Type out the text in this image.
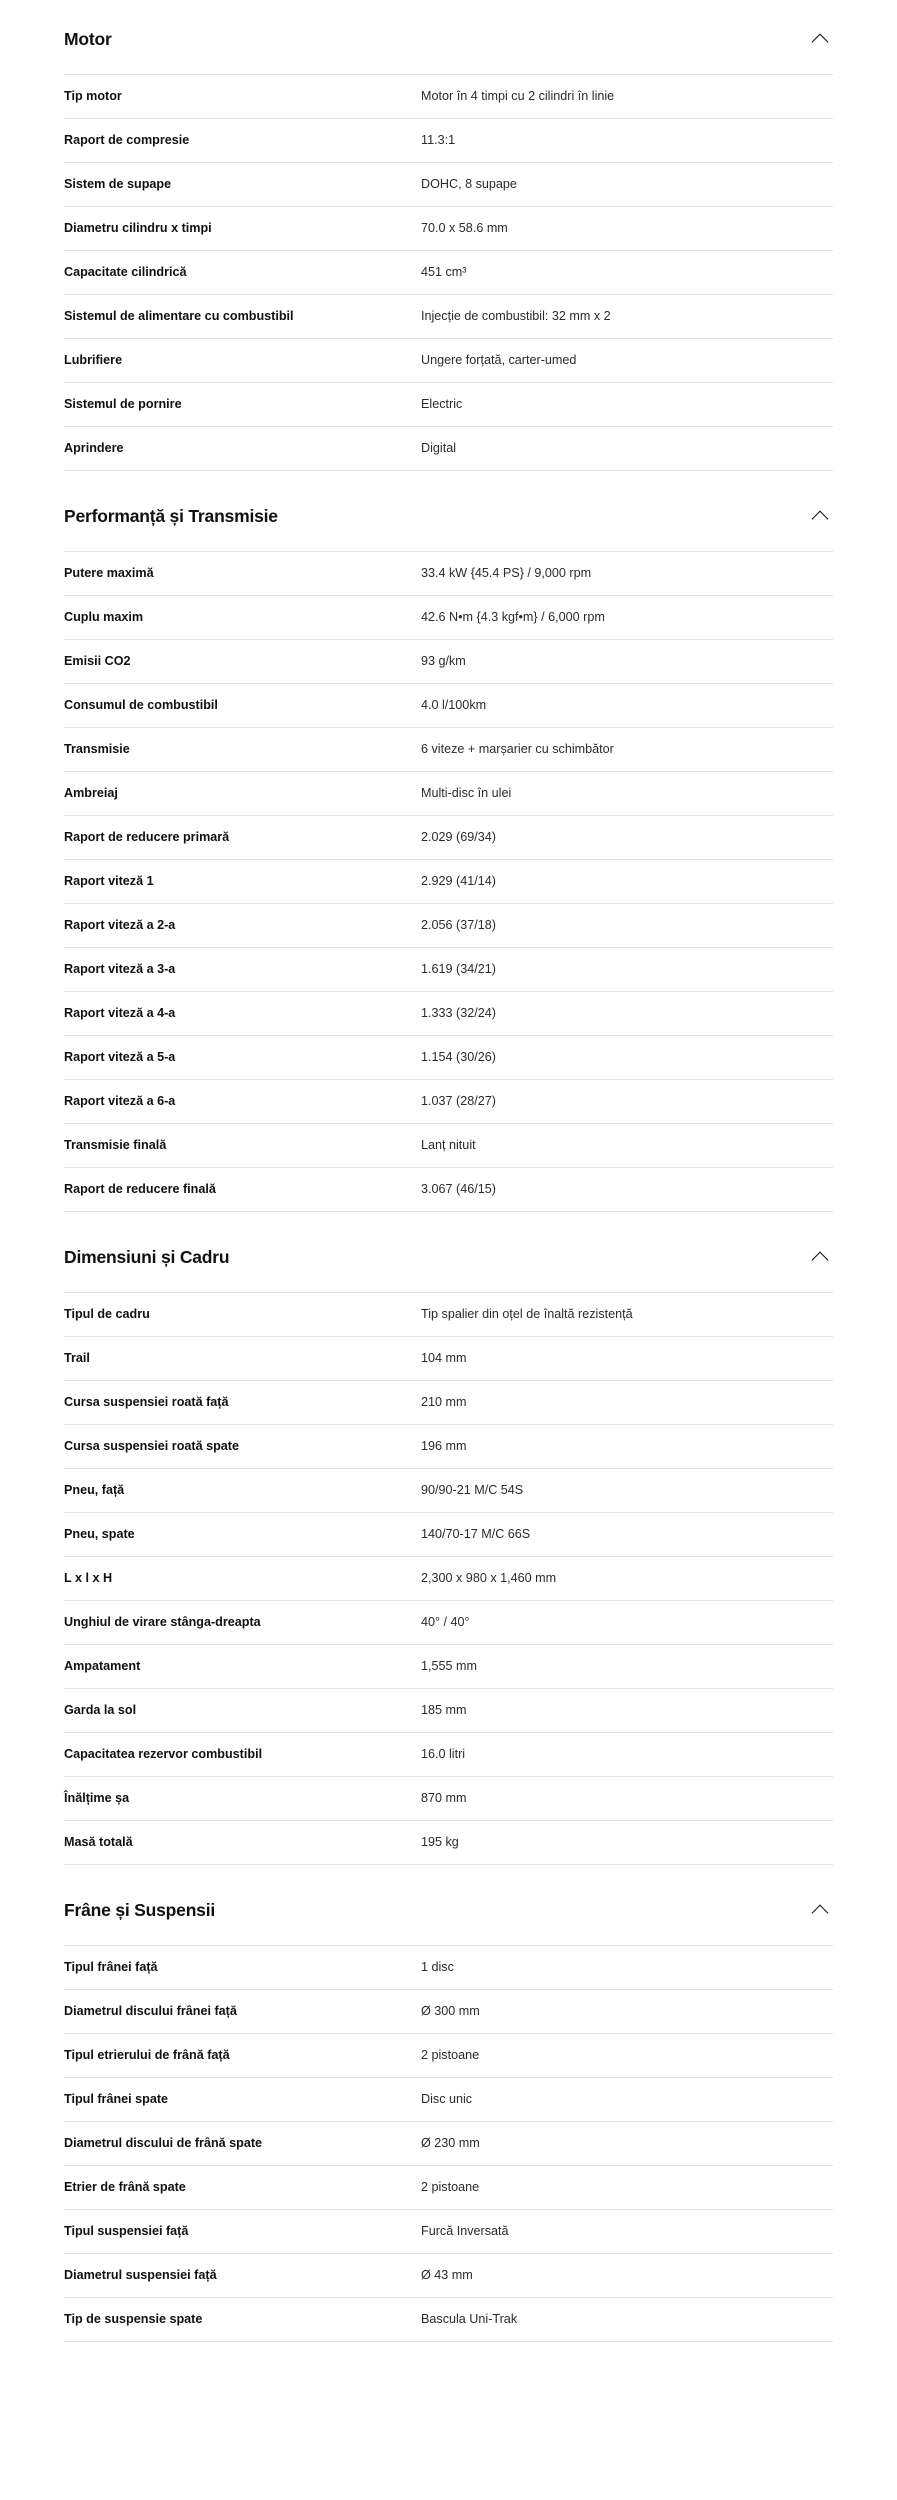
Motor
Tip motor	Motor în 4 timpi cu 2 cilindri în linie
Raport de compresie	11.3:1
Sistem de supape	DOHC, 8 supape
Diametru cilindru x timpi	70.0 x 58.6 mm
Capacitate cilindrică	451 cm³
Sistemul de alimentare cu combustibil	Injecție de combustibil: 32 mm x 2
Lubrifiere	Ungere forțată, carter-umed
Sistemul de pornire	Electric
Aprindere	Digital
Performanță și Transmisie
Putere maximă	33.4 kW {45.4 PS} / 9,000 rpm
Cuplu maxim	42.6 N•m {4.3 kgf•m} / 6,000 rpm
Emisii CO2	93 g/km
Consumul de combustibil	4.0 l/100km
Transmisie	6 viteze + marșarier cu schimbător
Ambreiaj	Multi-disc în ulei
Raport de reducere primară	2.029 (69/34)
Raport viteză 1	2.929 (41/14)
Raport viteză a 2-a	2.056 (37/18)
Raport viteză a 3-a	1.619 (34/21)
Raport viteză a 4-a	1.333 (32/24)
Raport viteză a 5-a	1.154 (30/26)
Raport viteză a 6-a	1.037 (28/27)
Transmisie finală	Lanț nituit
Raport de reducere finală	3.067 (46/15)
Dimensiuni și Cadru
Tipul de cadru	Tip spalier din oțel de înaltă rezistență
Trail	104 mm
Cursa suspensiei roată față	210 mm
Cursa suspensiei roată spate	196 mm
Pneu, față	90/90-21 M/C 54S
Pneu, spate	140/70-17 M/C 66S
L x l x H	2,300 x 980 x 1,460 mm
Unghiul de virare stânga-dreapta	40° / 40°
Ampatament	1,555 mm
Garda la sol	185 mm
Capacitatea rezervor combustibil	16.0 litri
Înălțime șa	870 mm
Masă totală	195 kg
Frâne și Suspensii
Tipul frânei față	1 disc
Diametrul discului frânei față	Ø 300 mm
Tipul etrierului de frână față	2 pistoane
Tipul frânei spate	Disc unic
Diametrul discului de frână spate	Ø 230 mm
Etrier de frână spate	2 pistoane
Tipul suspensiei față	Furcă Inversată
Diametrul suspensiei față	Ø 43 mm
Tip de suspensie spate	Bascula Uni-Trak
